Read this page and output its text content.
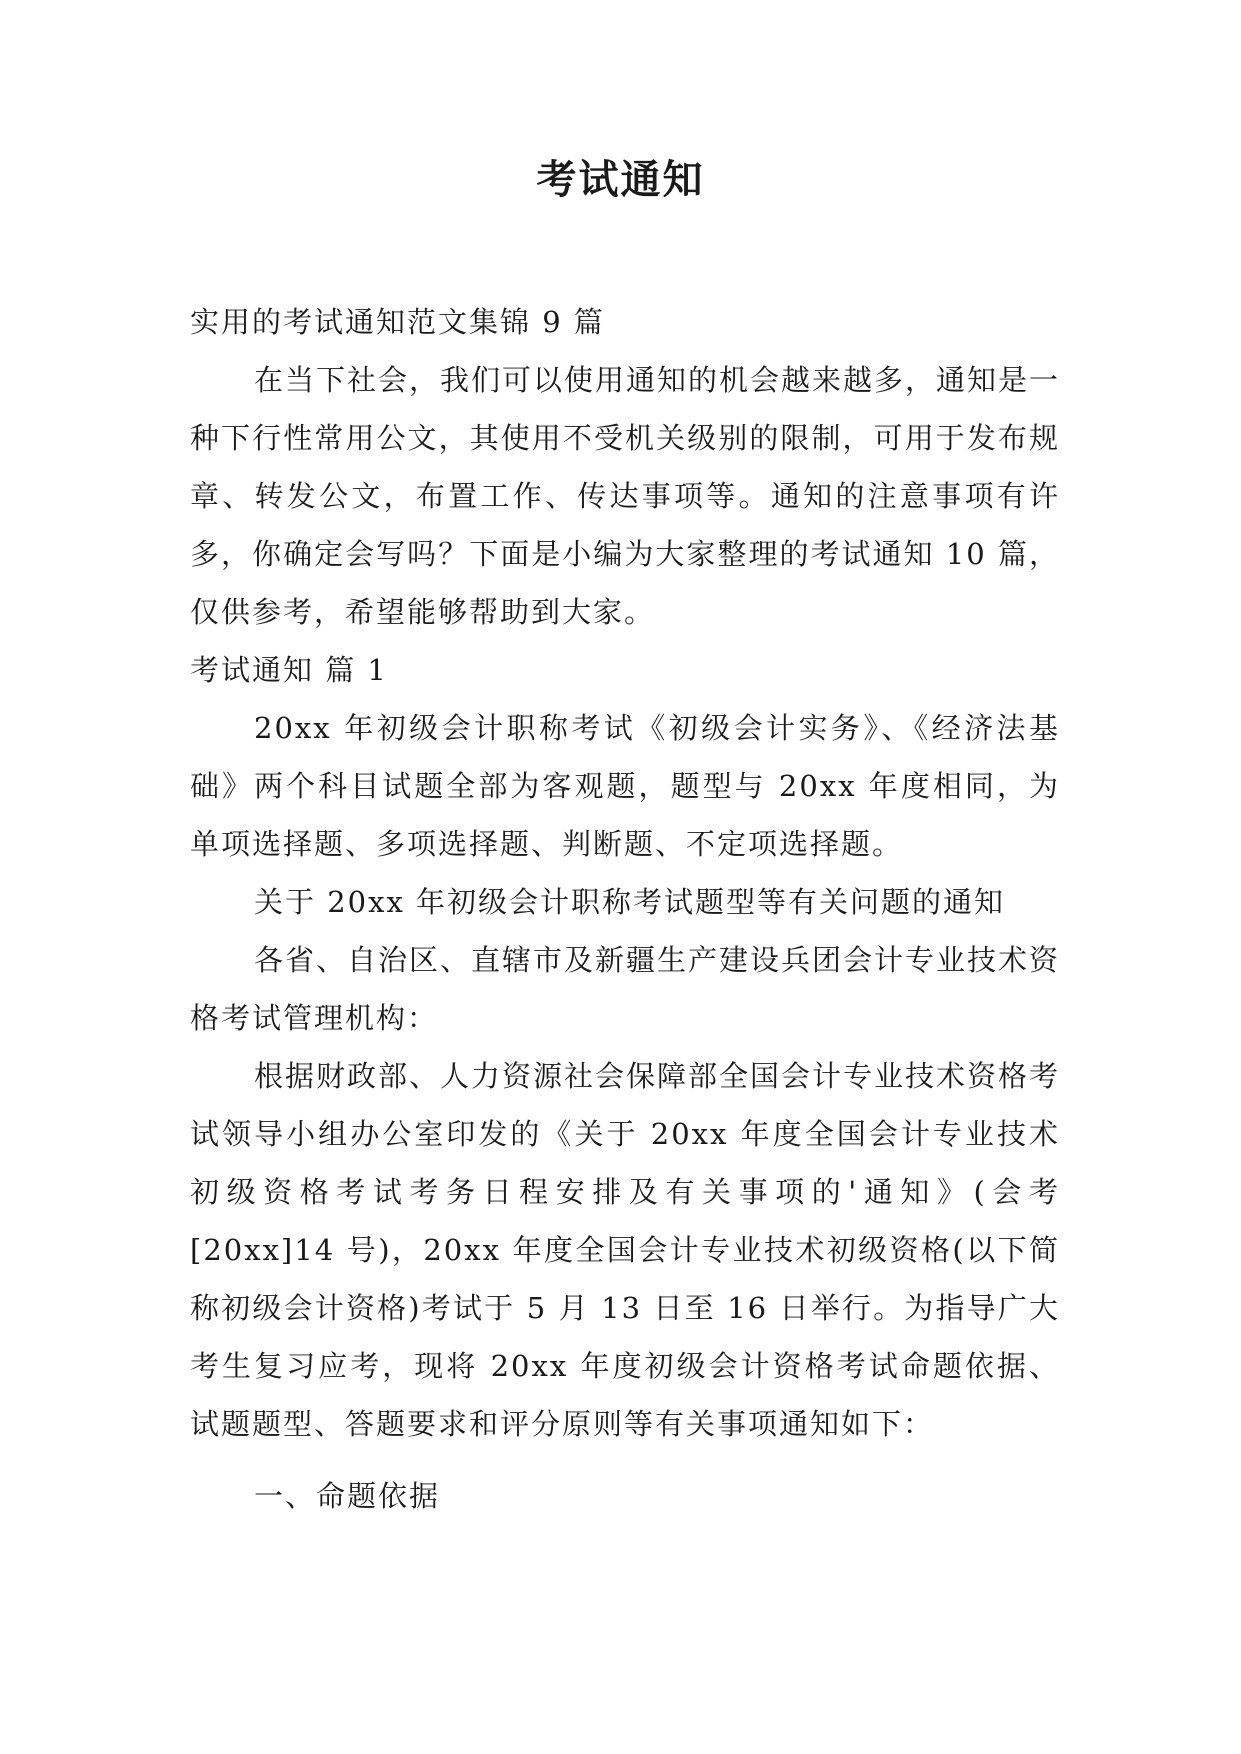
考试通知

实用的考试通知范文集锦 9 篇

在当下社会，我们可以使用通知的机会越来越多，通知是一种下行性常用公文，其使用不受机关级别的限制，可用于发布规章、转发公文，布置工作、传达事项等。通知的注意事项有许多，你确定会写吗？下面是小编为大家整理的考试通知 10 篇，仅供参考，希望能够帮助到大家。

考试通知 篇 1

20xx 年初级会计职称考试《初级会计实务》、《经济法基础》两个科目试题全部为客观题，题型与 20xx 年度相同，为单项选择题、多项选择题、判断题、不定项选择题。

关于 20xx 年初级会计职称考试题型等有关问题的通知

各省、自治区、直辖市及新疆生产建设兵团会计专业技术资格考试管理机构：

根据财政部、人力资源社会保障部全国会计专业技术资格考试领导小组办公室印发的《关于 20xx 年度全国会计专业技术初级资格考试考务日程安排及有关事项的'通知》(会考[20xx]14 号)，20xx 年度全国会计专业技术初级资格(以下简称初级会计资格)考试于 5 月 13 日至 16 日举行。为指导广大考生复习应考，现将 20xx 年度初级会计资格考试命题依据、试题题型、答题要求和评分原则等有关事项通知如下：

一、命题依据
